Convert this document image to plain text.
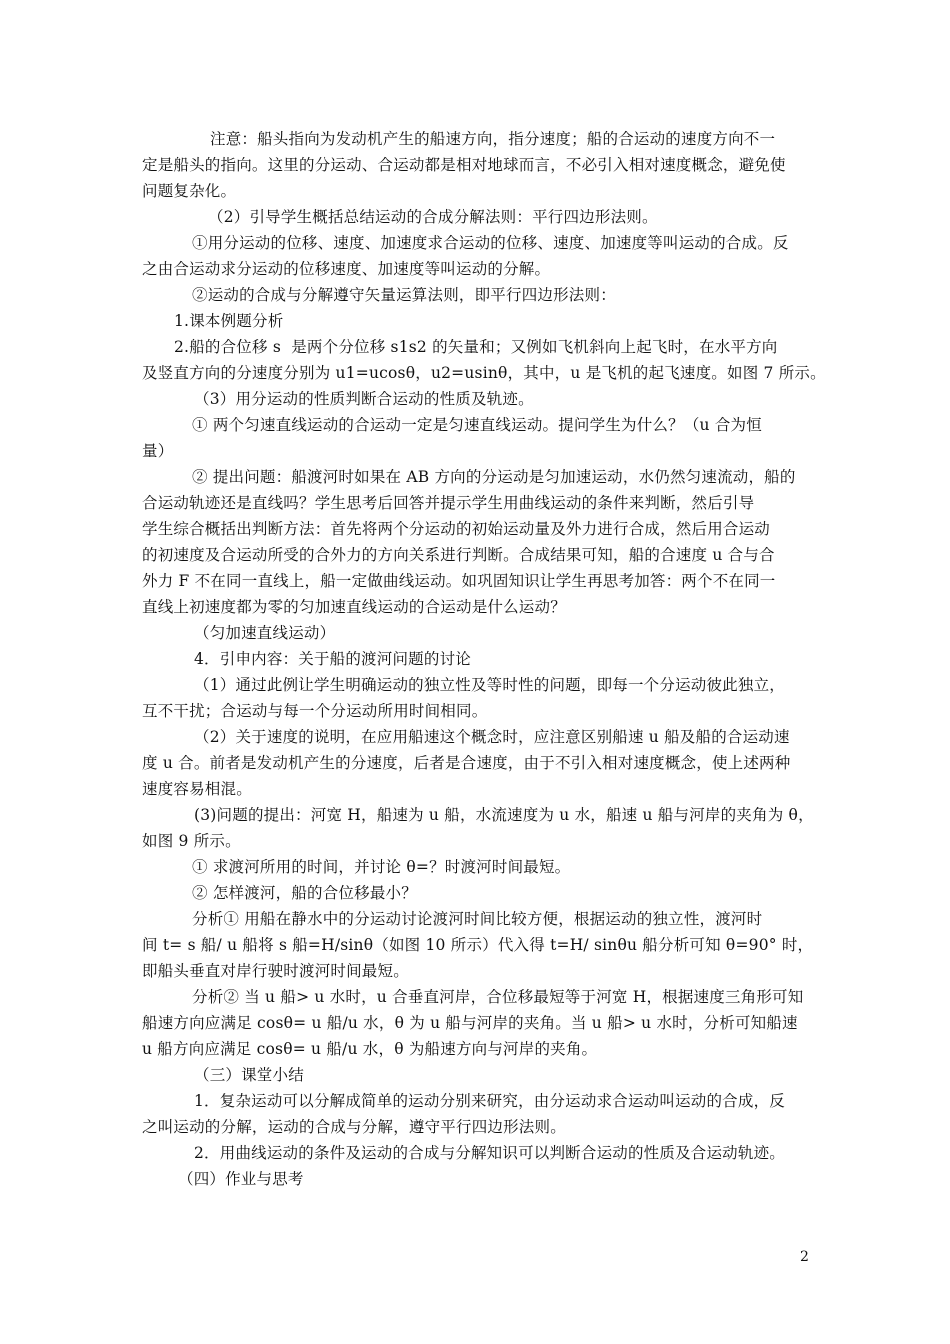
注意：船头指向为发动机产生的船速方向，指分速度；船的合运动的速度方向不一
定是船头的指向。这里的分运动、合运动都是相对地球而言，不必引入相对速度概念，避免使
问题复杂化。
（2）引导学生概括总结运动的合成分解法则：平行四边形法则。
①用分运动的位移、速度、加速度求合运动的位移、速度、加速度等叫运动的合成。反
之由合运动求分运动的位移速度、加速度等叫运动的分解。
②运动的合成与分解遵守矢量运算法则，即平行四边形法则：
1.课本例题分析
2.船的合位移 s  是两个分位移 s1s2 的矢量和；又例如飞机斜向上起飞时，在水平方向
及竖直方向的分速度分别为 u1=ucosθ，u2=usinθ，其中，u 是飞机的起飞速度。如图 7 所示。
（3）用分运动的性质判断合运动的性质及轨迹。
① 两个匀速直线运动的合运动一定是匀速直线运动。提问学生为什么？（u 合为恒
量）
② 提出问题：船渡河时如果在 AB 方向的分运动是匀加速运动，水仍然匀速流动，船的
合运动轨迹还是直线吗？学生思考后回答并提示学生用曲线运动的条件来判断，然后引导
学生综合概括出判断方法：首先将两个分运动的初始运动量及外力进行合成，然后用合运动
的初速度及合运动所受的合外力的方向关系进行判断。合成结果可知，船的合速度 u 合与合
外力 F 不在同一直线上，船一定做曲线运动。如巩固知识让学生再思考加答：两个不在同一
直线上初速度都为零的匀加速直线运动的合运动是什么运动？
（匀加速直线运动）
4．引申内容：关于船的渡河问题的讨论
（1）通过此例让学生明确运动的独立性及等时性的问题，即每一个分运动彼此独立，
互不干扰；合运动与每一个分运动所用时间相同。
（2）关于速度的说明，在应用船速这个概念时，应注意区别船速 u 船及船的合运动速
度 u 合。前者是发动机产生的分速度，后者是合速度，由于不引入相对速度概念，使上述两种
速度容易相混。
(3)问题的提出：河宽 H，船速为 u 船，水流速度为 u 水，船速 u 船与河岸的夹角为 θ，
如图 9 所示。
① 求渡河所用的时间，并讨论 θ=？时渡河时间最短。
② 怎样渡河，船的合位移最小？
分析① 用船在静水中的分运动讨论渡河时间比较方便，根据运动的独立性，渡河时
间 t= s 船/ u 船将 s 船=H/sinθ（如图 10 所示）代入得 t=H/ sinθu 船分析可知 θ=90° 时，
即船头垂直对岸行驶时渡河时间最短。
分析② 当 u 船> u 水时，u 合垂直河岸，合位移最短等于河宽 H，根据速度三角形可知
船速方向应满足 cosθ= u 船/u 水，θ 为 u 船与河岸的夹角。当 u 船> u 水时，分析可知船速
u 船方向应满足 cosθ= u 船/u 水，θ 为船速方向与河岸的夹角。
（三）课堂小结
1．复杂运动可以分解成简单的运动分别来研究，由分运动求合运动叫运动的合成，反
之叫运动的分解，运动的合成与分解，遵守平行四边形法则。
2．用曲线运动的条件及运动的合成与分解知识可以判断合运动的性质及合运动轨迹。
（四）作业与思考
2
